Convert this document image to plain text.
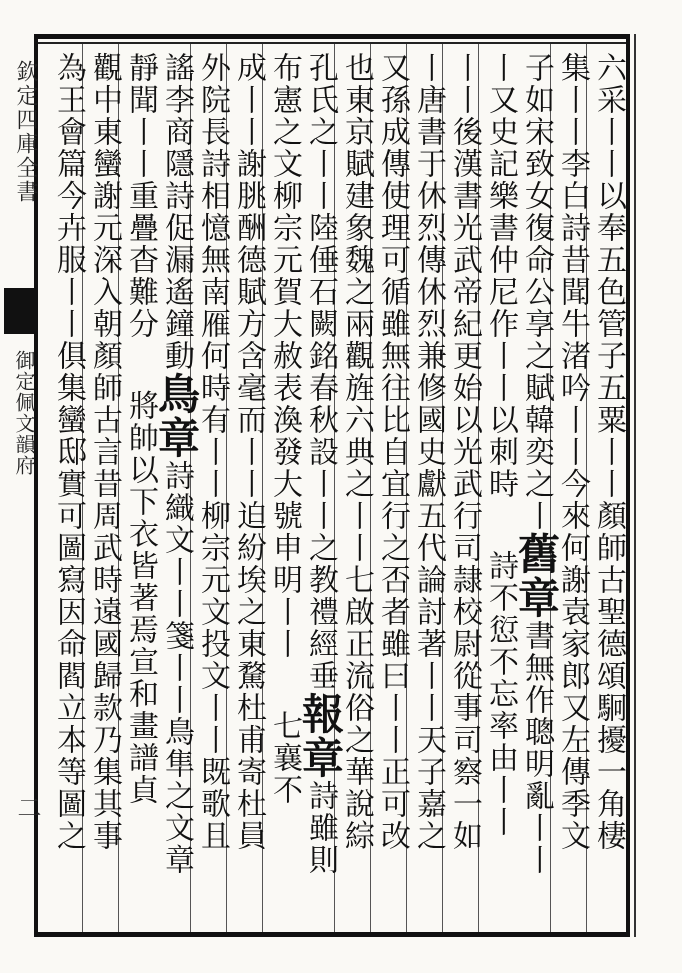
欽定四庫全書
御定佩文韻府
二	六采丨丨以奉五色管子五粟丨丨顏師古聖德頌駉擾一角棲
集丨丨李白詩昔聞牛渚吟丨丨今來何謝袁家郎又左傳季文
子如宋致女復命公享之賦韓奕之丨舊章書無作聰明亂丨丨
丨又史記樂書仲尼作丨丨以刺時詩不愆不忘率由丨丨
丨丨後漢書光武帝紀更始以光武行司隷校尉從事司察一如
丨唐書于休烈傳休烈兼修國史獻五代論討著丨丨天子嘉之
又孫成傳使理可循雖無往比自宜行之否者雖曰丨丨正可改
也東京賦建象魏之兩觀旌六典之丨丨七啟正流俗之華說綜
孔氏之丨丨陸倕石闕銘春秋設丨丨之教禮經垂報章詩雖則
布憲之文柳宗元賀大赦表渙發大號申明丨丨七襄不
成丨丨謝朓酬德賦方含毫而丨丨迫紛埃之東騖杜甫寄杜員
外院長詩相憶無南雁何時有丨丨柳宗元文投文丨丨既歌且
謠李商隱詩促漏遙鐘動鳥章詩織文丨丨箋丨丨鳥隼之文章
靜聞丨丨重疊杳難分將帥以下衣皆著焉宣和畫譜貞
觀中東蠻謝元深入朝顏師古言昔周武時遠國歸款乃集其事
為王會篇今卉服丨丨俱集蠻邸實可圖寫因命閻立本等圖之
